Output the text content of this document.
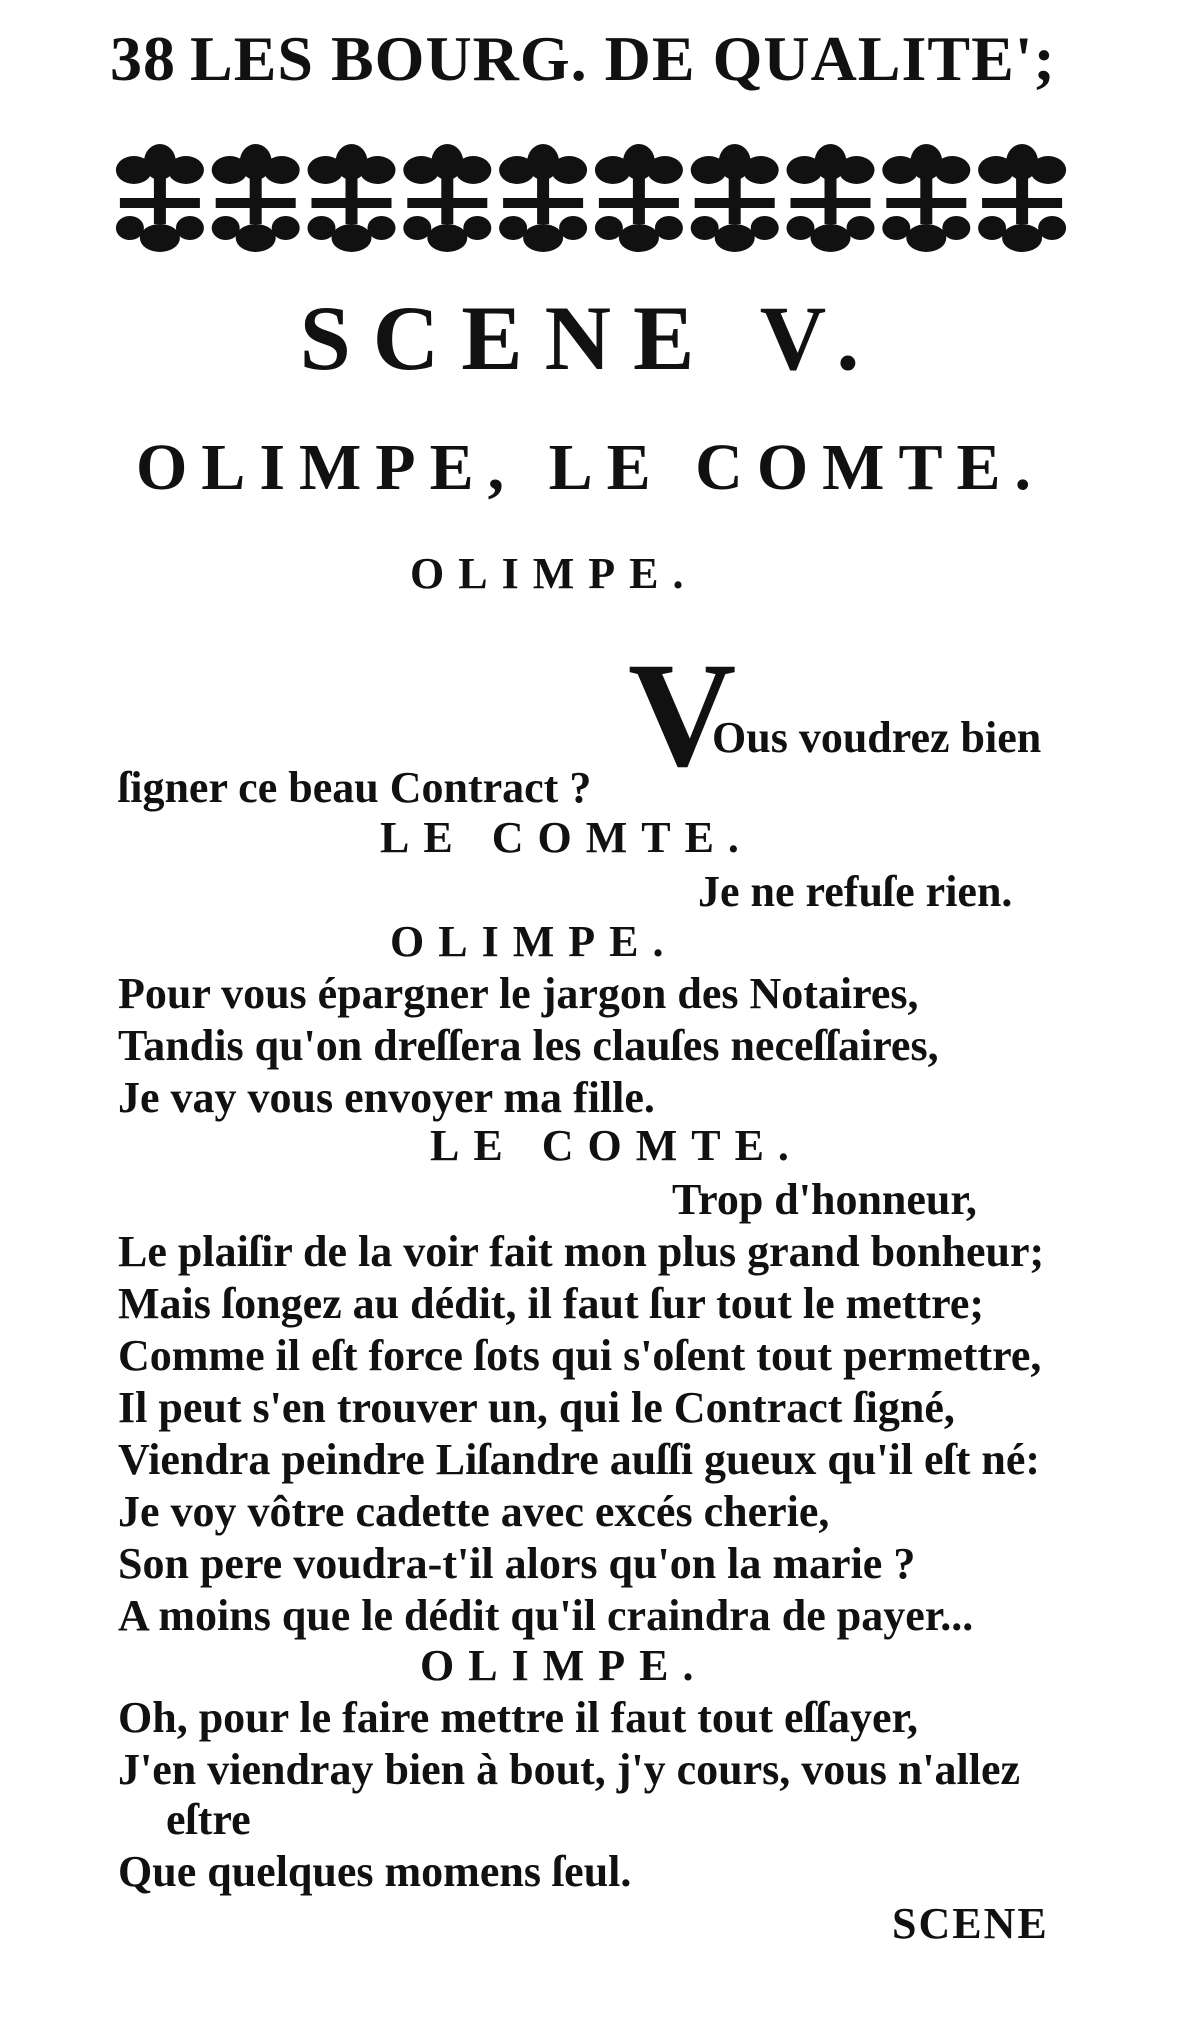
38 LES BOURG. DE QUALITE';
SCENE V.
OLIMPE, LE COMTE.
OLIMPE.
V
Ous voudrez bien
ſigner ce beau Contract ?
LE COMTE.
Je ne refuſe rien.
OLIMPE.
Pour vous épargner le jargon des Notaires,
Tandis qu'on dreſſera les clauſes neceſſaires,
Je vay vous envoyer ma fille.
LE COMTE.
Trop d'honneur,
Le plaiſir de la voir fait mon plus grand bonheur;
Mais ſongez au dédit, il faut ſur tout le mettre;
Comme il eſt force ſots qui s'oſent tout permettre,
Il peut s'en trouver un, qui le Contract ſigné,
Viendra peindre Liſandre auſſi gueux qu'il eſt né:
Je voy vôtre cadette avec excés cherie,
Son pere voudra-t'il alors qu'on la marie ?
A moins que le dédit qu'il craindra de payer...
OLIMPE.
Oh, pour le faire mettre il faut tout eſſayer,
J'en viendray bien à bout, j'y cours, vous n'allez
eſtre
Que quelques momens ſeul.
SCENE
